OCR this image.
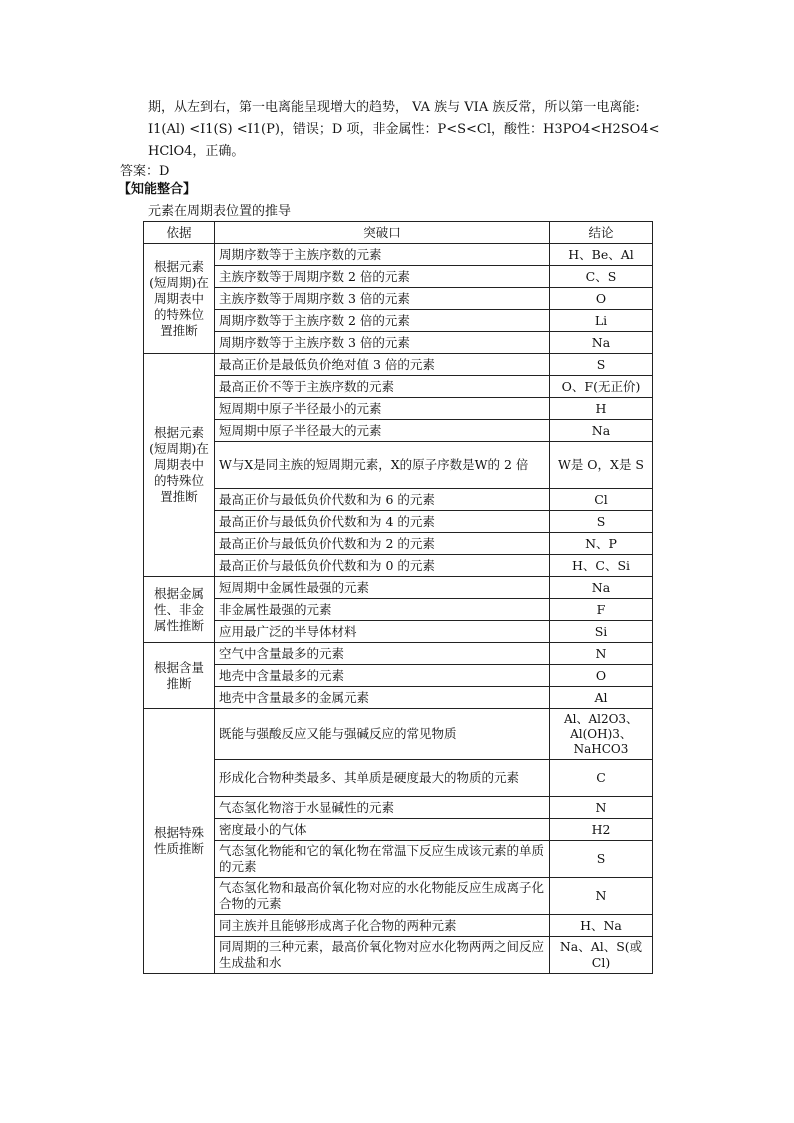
期，从左到右，第一电离能呈现增大的趋势， VA 族与 VIA 族反常，所以第一电离能:
I1(Al) <I1(S) <I1(P)，错误；D 项，非金属性：P<S<Cl，酸性：H3PO4<H2SO4<
HClO4，正确。
答案：D
【知能整合】
元素在周期表位置的推导
依据	突破口	结论
根据元素(短周期)在周期表中的特殊位置推断	周期序数等于主族序数的元素	H、Be、Al
	主族序数等于周期序数 2 倍的元素	C、S
	主族序数等于周期序数 3 倍的元素	O
	周期序数等于主族序数 2 倍的元素	Li
	周期序数等于主族序数 3 倍的元素	Na
根据元素(短周期)在周期表中的特殊位置推断	最高正价是最低负价绝对值 3 倍的元素	S
	最高正价不等于主族序数的元素	O、F(无正价)
	短周期中原子半径最小的元素	H
	短周期中原子半径最大的元素	Na
	W与X是同主族的短周期元素，X的原子序数是W的 2 倍	W是 O，X是 S
	最高正价与最低负价代数和为 6 的元素	Cl
	最高正价与最低负价代数和为 4 的元素	S
	最高正价与最低负价代数和为 2 的元素	N、P
	最高正价与最低负价代数和为 0 的元素	H、C、Si
根据金属性、非金属性推断	短周期中金属性最强的元素	Na
	非金属性最强的元素	F
	应用最广泛的半导体材料	Si
根据含量推断	空气中含量最多的元素	N
	地壳中含量最多的元素	O
	地壳中含量最多的金属元素	Al
根据特殊性质推断	既能与强酸反应又能与强碱反应的常见物质	Al、Al2O3、Al(OH)3、NaHCO3
	形成化合物种类最多、其单质是硬度最大的物质的元素	C
	气态氢化物溶于水显碱性的元素	N
	密度最小的气体	H2
	气态氢化物能和它的氧化物在常温下反应生成该元素的单质的元素	S
	气态氢化物和最高价氧化物对应的水化物能反应生成离子化合物的元素	N
	同主族并且能够形成离子化合物的两种元素	H、Na
	同周期的三种元素，最高价氧化物对应水化物两两之间反应生成盐和水	Na、Al、S(或Cl)
